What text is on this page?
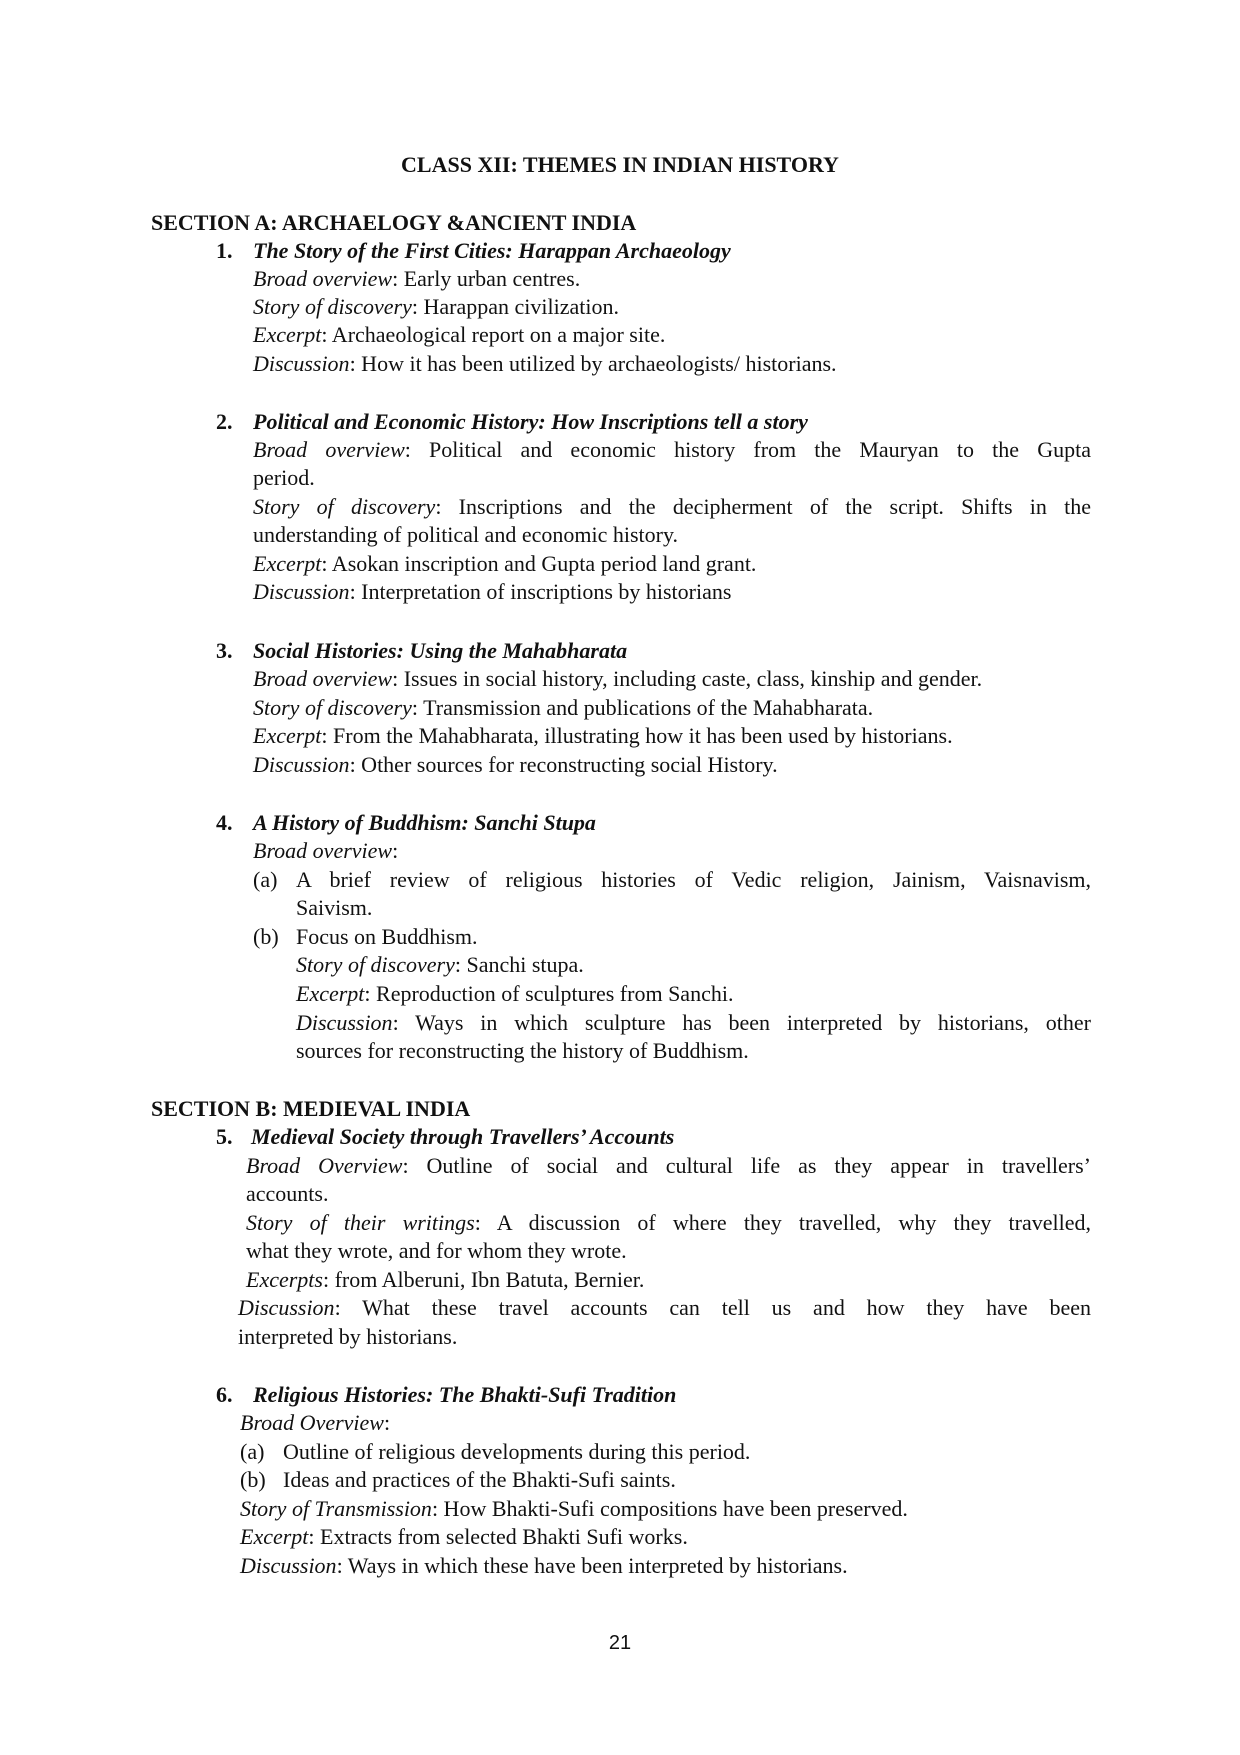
CLASS XII: THEMES IN INDIAN HISTORY
SECTION A: ARCHAELOGY &ANCIENT INDIA
1. The Story of the First Cities: Harappan Archaeology
Broad overview: Early urban centres.
Story of discovery: Harappan civilization.
Excerpt: Archaeological report on a major site.
Discussion: How it has been utilized by archaeologists/ historians.
2. Political and Economic History: How Inscriptions tell a story
Broad overview: Political and economic history from the Mauryan to the Gupta
period.
Story of discovery: Inscriptions and the decipherment of the script. Shifts in the
understanding of political and economic history.
Excerpt: Asokan inscription and Gupta period land grant.
Discussion: Interpretation of inscriptions by historians
3. Social Histories: Using the Mahabharata
Broad overview: Issues in social history, including caste, class, kinship and gender.
Story of discovery: Transmission and publications of the Mahabharata.
Excerpt: From the Mahabharata, illustrating how it has been used by historians.
Discussion: Other sources for reconstructing social History.
4. A History of Buddhism: Sanchi Stupa
Broad overview:
(a) A brief review of religious histories of Vedic religion, Jainism, Vaisnavism,
Saivism.
(b) Focus on Buddhism.
Story of discovery: Sanchi stupa.
Excerpt: Reproduction of sculptures from Sanchi.
Discussion: Ways in which sculpture has been interpreted by historians, other
sources for reconstructing the history of Buddhism.
SECTION B: MEDIEVAL INDIA
5. Medieval Society through Travellers’ Accounts
Broad Overview: Outline of social and cultural life as they appear in travellers’
accounts.
Story of their writings: A discussion of where they travelled, why they travelled,
what they wrote, and for whom they wrote.
Excerpts: from Alberuni, Ibn Batuta, Bernier.
Discussion: What these travel accounts can tell us and how they have been
interpreted by historians.
6. Religious Histories: The Bhakti-Sufi Tradition
Broad Overview:
(a) Outline of religious developments during this period.
(b) Ideas and practices of the Bhakti-Sufi saints.
Story of Transmission: How Bhakti-Sufi compositions have been preserved.
Excerpt: Extracts from selected Bhakti Sufi works.
Discussion: Ways in which these have been interpreted by historians.
21
